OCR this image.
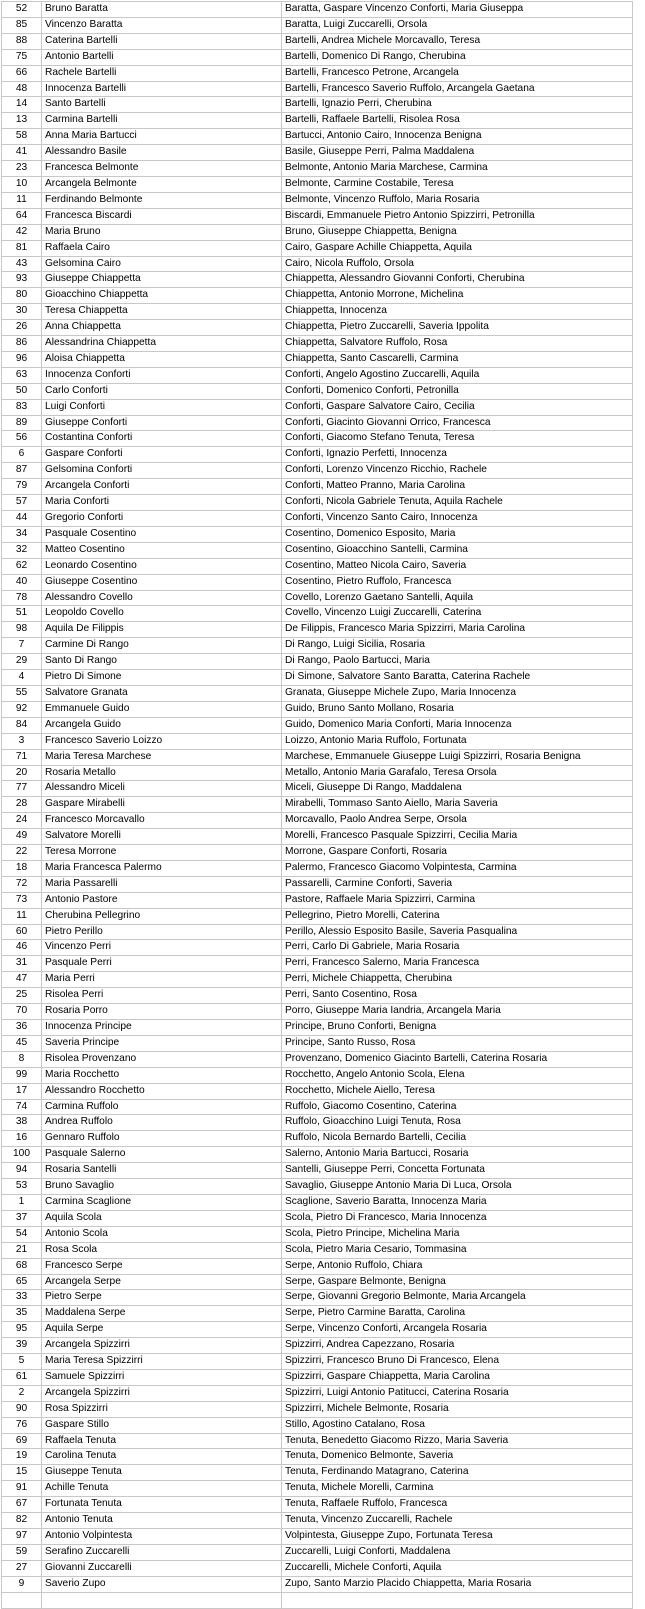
52	Bruno Baratta	Baratta, Gaspare Vincenzo Conforti, Maria Giuseppa
85	Vincenzo Baratta	Baratta, Luigi Zuccarelli, Orsola
88	Caterina Bartelli	Bartelli, Andrea Michele Morcavallo, Teresa
75	Antonio Bartelli	Bartelli, Domenico Di Rango, Cherubina
66	Rachele Bartelli	Bartelli, Francesco Petrone, Arcangela
48	Innocenza Bartelli	Bartelli, Francesco Saverio Ruffolo, Arcangela Gaetana
14	Santo Bartelli	Bartelli, Ignazio Perri, Cherubina
13	Carmina Bartelli	Bartelli, Raffaele Bartelli, Risolea Rosa
58	Anna Maria Bartucci	Bartucci, Antonio Cairo, Innocenza Benigna
41	Alessandro Basile	Basile, Giuseppe Perri, Palma Maddalena
23	Francesca Belmonte	Belmonte, Antonio Maria Marchese, Carmina
10	Arcangela Belmonte	Belmonte, Carmine Costabile, Teresa
11	Ferdinando Belmonte	Belmonte, Vincenzo Ruffolo, Maria Rosaria
64	Francesca Biscardi	Biscardi, Emmanuele Pietro Antonio Spizzirri, Petronilla
42	Maria Bruno	Bruno, Giuseppe Chiappetta, Benigna
81	Raffaela Cairo	Cairo, Gaspare Achille Chiappetta, Aquila
43	Gelsomina Cairo	Cairo, Nicola Ruffolo, Orsola
93	Giuseppe Chiappetta	Chiappetta, Alessandro Giovanni Conforti, Cherubina
80	Gioacchino Chiappetta	Chiappetta, Antonio Morrone, Michelina
30	Teresa Chiappetta	Chiappetta, Innocenza
26	Anna Chiappetta	Chiappetta, Pietro Zuccarelli, Saveria Ippolita
86	Alessandrina Chiappetta	Chiappetta, Salvatore Ruffolo, Rosa
96	Aloisa Chiappetta	Chiappetta, Santo Cascarelli, Carmina
63	Innocenza Conforti	Conforti, Angelo Agostino Zuccarelli, Aquila
50	Carlo Conforti	Conforti, Domenico Conforti, Petronilla
83	Luigi Conforti	Conforti, Gaspare Salvatore Cairo, Cecilia
89	Giuseppe Conforti	Conforti, Giacinto Giovanni Orrico, Francesca
56	Costantina Conforti	Conforti, Giacomo Stefano Tenuta, Teresa
6	Gaspare Conforti	Conforti, Ignazio Perfetti, Innocenza
87	Gelsomina Conforti	Conforti, Lorenzo Vincenzo Ricchio, Rachele
79	Arcangela Conforti	Conforti, Matteo Pranno, Maria Carolina
57	Maria Conforti	Conforti, Nicola Gabriele Tenuta, Aquila Rachele
44	Gregorio Conforti	Conforti, Vincenzo Santo Cairo, Innocenza
34	Pasquale Cosentino	Cosentino, Domenico Esposito, Maria
32	Matteo Cosentino	Cosentino, Gioacchino Santelli, Carmina
62	Leonardo Cosentino	Cosentino, Matteo Nicola Cairo, Saveria
40	Giuseppe Cosentino	Cosentino, Pietro Ruffolo, Francesca
78	Alessandro Covello	Covello, Lorenzo Gaetano Santelli, Aquila
51	Leopoldo Covello	Covello, Vincenzo Luigi Zuccarelli, Caterina
98	Aquila De Filippis	De Filippis, Francesco Maria Spizzirri, Maria Carolina
7	Carmine Di Rango	Di Rango, Luigi Sicilia, Rosaria
29	Santo Di Rango	Di Rango, Paolo Bartucci, Maria
4	Pietro Di Simone	Di Simone, Salvatore Santo Baratta, Caterina Rachele
55	Salvatore Granata	Granata, Giuseppe Michele Zupo, Maria Innocenza
92	Emmanuele Guido	Guido, Bruno Santo Mollano, Rosaria
84	Arcangela Guido	Guido, Domenico Maria Conforti, Maria Innocenza
3	Francesco Saverio Loizzo	Loizzo, Antonio Maria Ruffolo, Fortunata
71	Maria Teresa Marchese	Marchese, Emmanuele Giuseppe Luigi Spizzirri, Rosaria Benigna
20	Rosaria Metallo	Metallo, Antonio Maria Garafalo, Teresa Orsola
77	Alessandro Miceli	Miceli, Giuseppe Di Rango, Maddalena
28	Gaspare Mirabelli	Mirabelli, Tommaso Santo Aiello, Maria Saveria
24	Francesco Morcavallo	Morcavallo, Paolo Andrea Serpe, Orsola
49	Salvatore Morelli	Morelli, Francesco Pasquale Spizzirri, Cecilia Maria
22	Teresa Morrone	Morrone, Gaspare Conforti, Rosaria
18	Maria Francesca Palermo	Palermo, Francesco Giacomo Volpintesta, Carmina
72	Maria Passarelli	Passarelli, Carmine Conforti, Saveria
73	Antonio Pastore	Pastore, Raffaele Maria Spizzirri, Carmina
11	Cherubina Pellegrino	Pellegrino, Pietro Morelli, Caterina
60	Pietro Perillo	Perillo, Alessio Esposito Basile, Saveria Pasqualina
46	Vincenzo Perri	Perri, Carlo Di Gabriele, Maria Rosaria
31	Pasquale Perri	Perri, Francesco Salerno, Maria Francesca
47	Maria Perri	Perri, Michele Chiappetta, Cherubina
25	Risolea Perri	Perri, Santo Cosentino, Rosa
70	Rosaria Porro	Porro, Giuseppe Maria Iandria, Arcangela Maria
36	Innocenza Principe	Principe, Bruno Conforti, Benigna
45	Saveria Principe	Principe, Santo Russo, Rosa
8	Risolea Provenzano	Provenzano, Domenico Giacinto Bartelli, Caterina Rosaria
99	Maria Rocchetto	Rocchetto, Angelo Antonio Scola, Elena
17	Alessandro Rocchetto	Rocchetto, Michele Aiello, Teresa
74	Carmina Ruffolo	Ruffolo, Giacomo Cosentino, Caterina
38	Andrea Ruffolo	Ruffolo, Gioacchino Luigi Tenuta, Rosa
16	Gennaro Ruffolo	Ruffolo, Nicola Bernardo Bartelli, Cecilia
100	Pasquale Salerno	Salerno, Antonio Maria Bartucci, Rosaria
94	Rosaria Santelli	Santelli, Giuseppe Perri, Concetta Fortunata
53	Bruno Savaglio	Savaglio, Giuseppe Antonio Maria Di Luca, Orsola
1	Carmina Scaglione	Scaglione, Saverio Baratta, Innocenza Maria
37	Aquila Scola	Scola, Pietro Di Francesco, Maria Innocenza
54	Antonio Scola	Scola, Pietro Principe, Michelina Maria
21	Rosa Scola	Scola, Pietro Maria Cesario, Tommasina
68	Francesco Serpe	Serpe, Antonio Ruffolo, Chiara
65	Arcangela Serpe	Serpe, Gaspare Belmonte, Benigna
33	Pietro Serpe	Serpe, Giovanni Gregorio Belmonte, Maria Arcangela
35	Maddalena Serpe	Serpe, Pietro Carmine Baratta, Carolina
95	Aquila Serpe	Serpe, Vincenzo Conforti, Arcangela Rosaria
39	Arcangela Spizzirri	Spizzirri, Andrea Capezzano, Rosaria
5	Maria Teresa Spizzirri	Spizzirri, Francesco Bruno Di Francesco, Elena
61	Samuele Spizzirri	Spizzirri, Gaspare Chiappetta, Maria Carolina
2	Arcangela Spizzirri	Spizzirri, Luigi Antonio Patitucci, Caterina Rosaria
90	Rosa Spizzirri	Spizzirri, Michele Belmonte, Rosaria
76	Gaspare Stillo	Stillo, Agostino Catalano, Rosa
69	Raffaela Tenuta	Tenuta, Benedetto Giacomo Rizzo, Maria Saveria
19	Carolina Tenuta	Tenuta, Domenico Belmonte, Saveria
15	Giuseppe Tenuta	Tenuta, Ferdinando Matagrano, Caterina
91	Achille Tenuta	Tenuta, Michele Morelli, Carmina
67	Fortunata Tenuta	Tenuta, Raffaele Ruffolo, Francesca
82	Antonio Tenuta	Tenuta, Vincenzo Zuccarelli, Rachele
97	Antonio Volpintesta	Volpintesta, Giuseppe Zupo, Fortunata Teresa
59	Serafino Zuccarelli	Zuccarelli, Luigi Conforti, Maddalena
27	Giovanni Zuccarelli	Zuccarelli, Michele Conforti, Aquila
9	Saverio Zupo	Zupo, Santo Marzio Placido Chiappetta, Maria Rosaria
